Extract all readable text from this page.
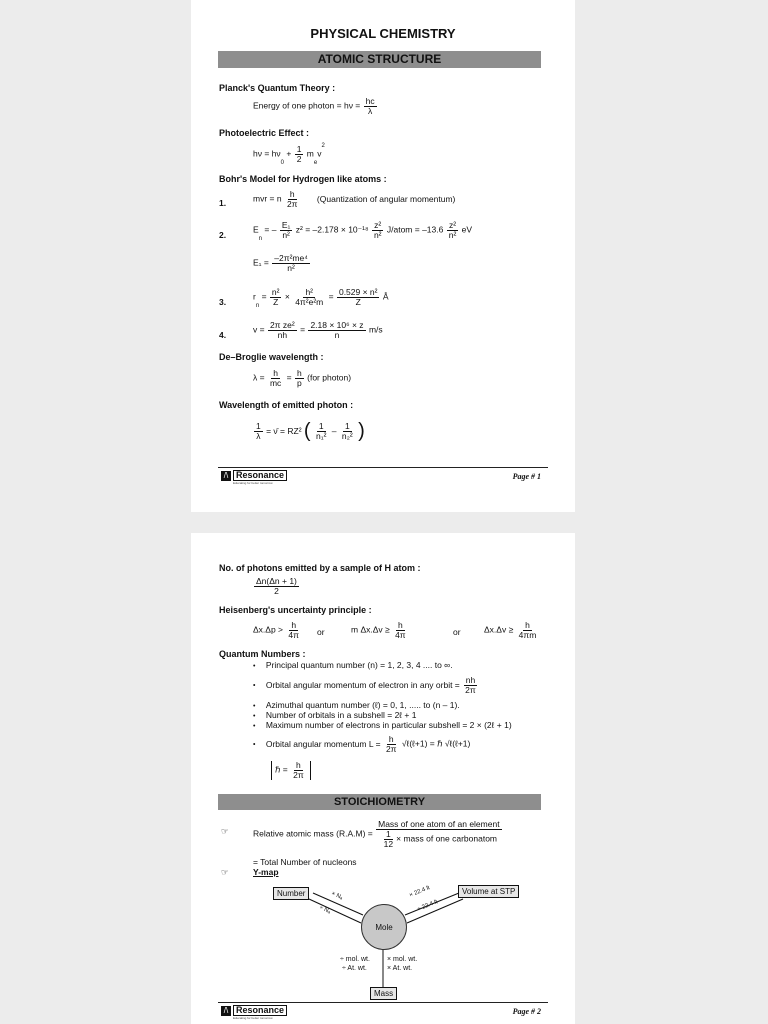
PHYSICAL CHEMISTRY
ATOMIC STRUCTURE
Planck's Quantum Theory :
Energy of one photon = $h\nu = \frac{hc}{\lambda}$
Photoelectric Effect :
$h\nu = h\nu_0 + \frac{1}{2} m_ev^2$
Bohr's Model for Hydrogen like atoms :
1.	mvr = n $\frac{h}{2\pi}$ (Quantization of angular momentum)
2.
$E_n$ = – $\frac{\text{E₁}}{\text{n²}} z^2 = -2.178 \times 10^{-18} \frac{\text{z²}}{\text{n²}}$ J/atom = $-13.6 \frac{\text{z²}}{\text{n²}}$ eV
$E_1 = \frac{\text{–2π²me⁴}}{\text{n²}}$
3.
$r_n = \frac{\text{n²}}{Z} \times \frac{\text{h²}}{\text{4π²e²m}} = \frac{\text{0.529 × n²}}{Z}$ Å
4.
$v = \frac{\text{2π ze²}}{nh} = \frac{\text{2.18 × 10⁶ × z}}{n} m/s$
De–Broglie wavelength :
$\lambda = \frac{h}{mc} = \frac{h}{p} (for$ photon)
Wavelength of emitted photon :
$\frac{1}{\lambda}$ = ν̄ = RZ² ( $\frac{1}{\text{n₁²}} - \frac{1}{\text{n₂²}}$ )
/\ Resonance
Educating for better tomorrow
Page # 1
No. of photons emitted by a sample of H atom :
$\frac{\Delta n(\Delta n + 1)}{2}$
Heisenberg's uncertainty principle :
$\Delta x.\Delta p > \frac{h}{4\pi}$ or	m $\Delta x.\Delta v \ge \frac{h}{4\pi}$	or	$\Delta x.\Delta v \ge \frac{h}{4\pi m}$
Quantum Numbers :
• Principal quantum number (n) = 1, 2, 3, 4 .... to ∞.
• Orbital angular momentum of electron in any orbit = $\frac{nh}{2\pi}$
• Azimuthal quantum number (ℓ) = 0, 1, ..... to (n – 1).
• Number of orbitals in a subshell = 2ℓ + 1
• Maximum number of electrons in particular subshell = 2 × (2ℓ + 1)
• Orbital angular momentum $L = \frac{h}{2\pi}$ √ℓ(ℓ+1) = ℏ √ℓ(ℓ+1)
ℏ = $\frac{h}{2\pi}$
STOICHIOMETRY
☞	Relative atomic mass $(R.A.M) = \frac{\text{Mass of one atom of an element}}{\frac{1}{12} \times mass of one carbonatom}$
= Total Number of nucleons
☞	Y-map
Number	Volume at STP
Mole
Mass
× Nₐ
÷ Nₐ
× 22.4 lt
÷ 22.4 lt
÷ mol. wt.
÷ At. wt.
× mol. wt.
× At. wt.
/\ Resonance
Educating for better tomorrow
Page # 2
